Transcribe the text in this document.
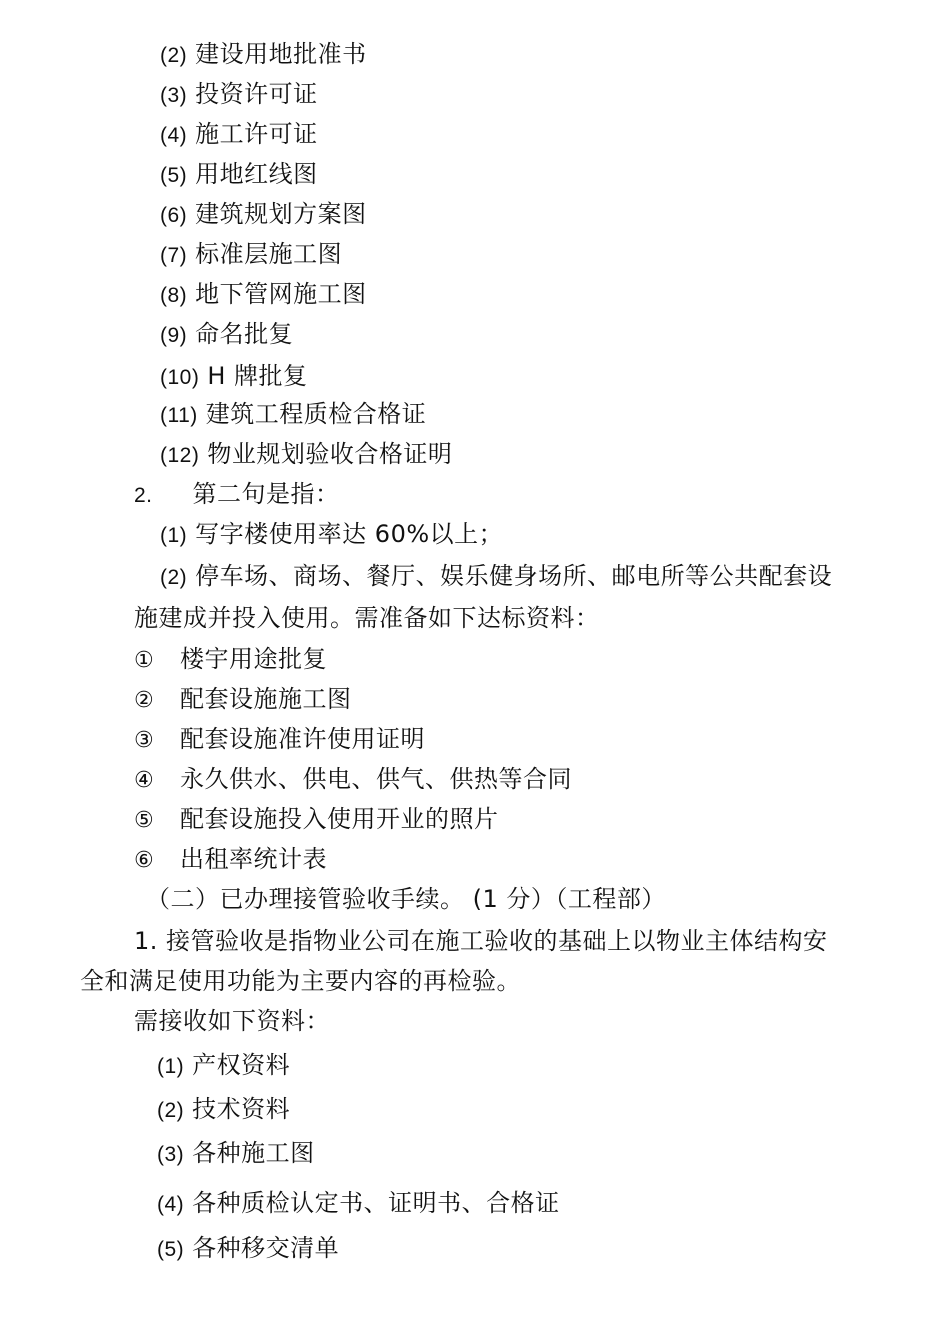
(2) 建设用地批准书
(3) 投资许可证
(4) 施工许可证
(5) 用地红线图
(6) 建筑规划方案图
(7) 标准层施工图
(8) 地下管网施工图
(9) 命名批复
(10) H 牌批复
(11) 建筑工程质检合格证
(12) 物业规划验收合格证明
2. 第二句是指：
(1) 写字楼使用率达 60%以上；
(2) 停车场、商场、餐厅、娱乐健身场所、邮电所等公共配套设
施建成并投入使用。需准备如下达标资料：
① 楼宇用途批复
② 配套设施施工图
③ 配套设施准许使用证明
④ 永久供水、供电、供气、供热等合同
⑤ 配套设施投入使用开业的照片
⑥ 出租率统计表
（二）已办理接管验收手续。 (1 分）（工程部）
1. 接管验收是指物业公司在施工验收的基础上以物业主体结构安
全和满足使用功能为主要内容的再检验。
需接收如下资料：
(1) 产权资料
(2) 技术资料
(3) 各种施工图
(4) 各种质检认定书、证明书、合格证
(5) 各种移交清单
